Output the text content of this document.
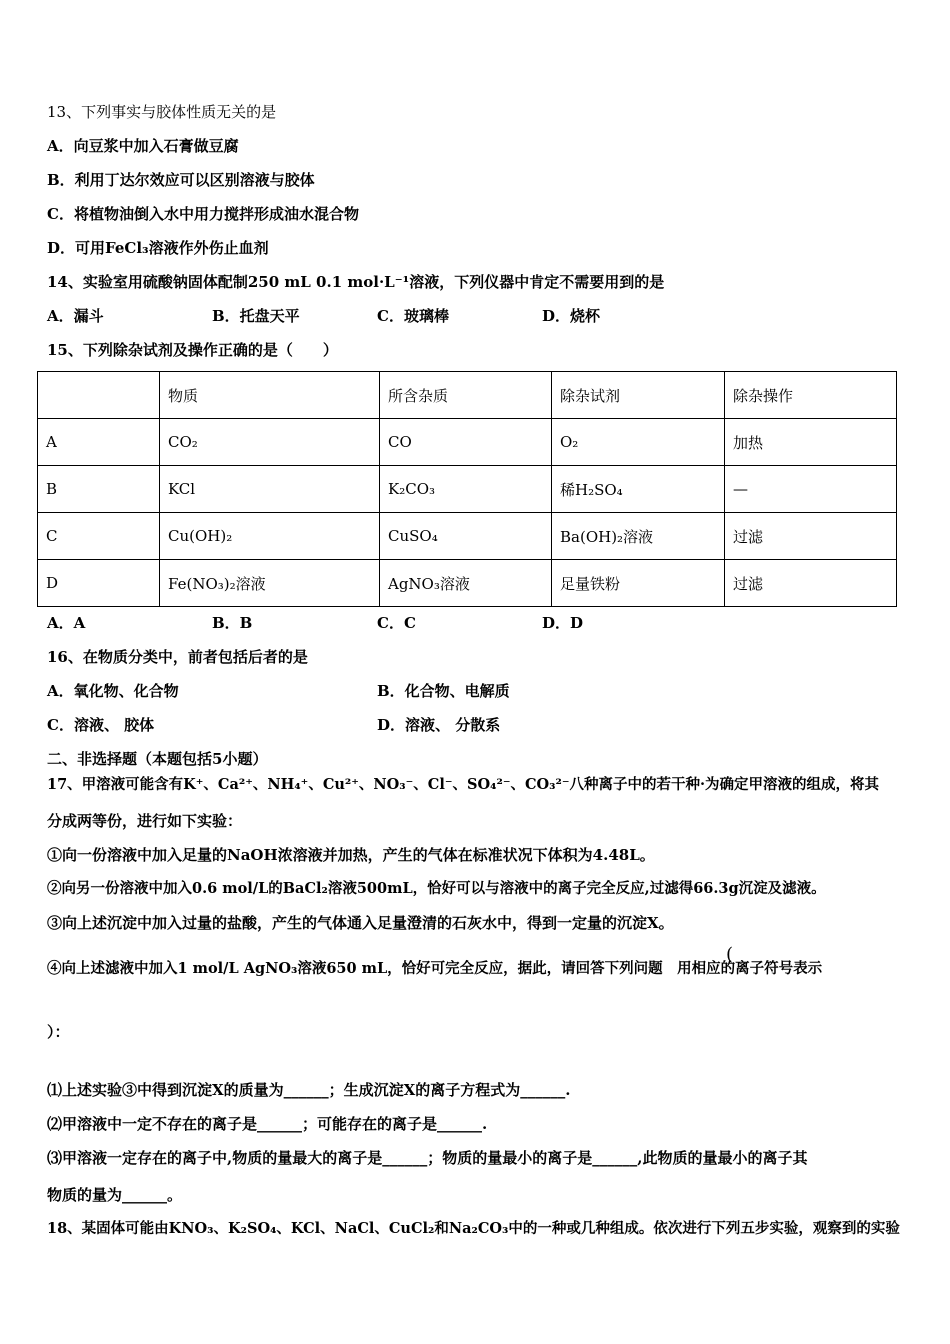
13、下列事实与胶体性质无关的是
A．向豆浆中加入石膏做豆腐
B．利用丁达尔效应可以区别溶液与胶体
C．将植物油倒入水中用力搅拌形成油水混合物
D．可用FeCl₃溶液作外伤止血剂
14、实验室用硫酸钠固体配制250 mL 0.1 mol·L⁻¹溶液，下列仪器中肯定不需要用到的是
A．漏斗	B．托盘天平	C．玻璃棒	D．烧杯
15、下列除杂试剂及操作正确的是（　　）
	物质	所含杂质	除杂试剂	除杂操作
A	CO₂	CO	O₂	加热
B	KCl	K₂CO₃	稀H₂SO₄	—
C	Cu(OH)₂	CuSO₄	Ba(OH)₂溶液	过滤
D	Fe(NO₃)₂溶液	AgNO₃溶液	足量铁粉	过滤
A．A	B．B	C．C	D．D
16、在物质分类中，前者包括后者的是
A．氧化物、化合物	B．化合物、电解质
C．溶液、 胶体	D．溶液、 分散系
二、非选择题（本题包括5小题）
17、甲溶液可能含有K⁺、Ca²⁺、NH₄⁺、Cu²⁺、NO₃⁻、Cl⁻、SO₄²⁻、CO₃²⁻八种离子中的若干种·为确定甲溶液的组成，将其
分成两等份，进行如下实验：
①向一份溶液中加入足量的NaOH浓溶液并加热，产生的气体在标准状况下体积为4.48L。
②向另一份溶液中加入0.6 mol/L的BaCl₂溶液500mL，恰好可以与溶液中的离子完全反应,过滤得66.3g沉淀及滤液。
③向上述沉淀中加入过量的盐酸，产生的气体通入足量澄清的石灰水中，得到一定量的沉淀X。
④向上述滤液中加入1 mol/L AgNO₃溶液650 mL，恰好可完全反应，据此，请回答下列问题　用相应的离子符号表示
(
）：
⑴上述实验③中得到沉淀X的质量为______；生成沉淀X的离子方程式为______.
⑵甲溶液中一定不存在的离子是______；可能存在的离子是______.
⑶甲溶液一定存在的离子中,物质的量最大的离子是______；物质的量最小的离子是______,此物质的量最小的离子其
物质的量为______。
18、某固体可能由KNO₃、K₂SO₄、KCl、NaCl、CuCl₂和Na₂CO₃中的一种或几种组成。依次进行下列五步实验，观察到的实验
